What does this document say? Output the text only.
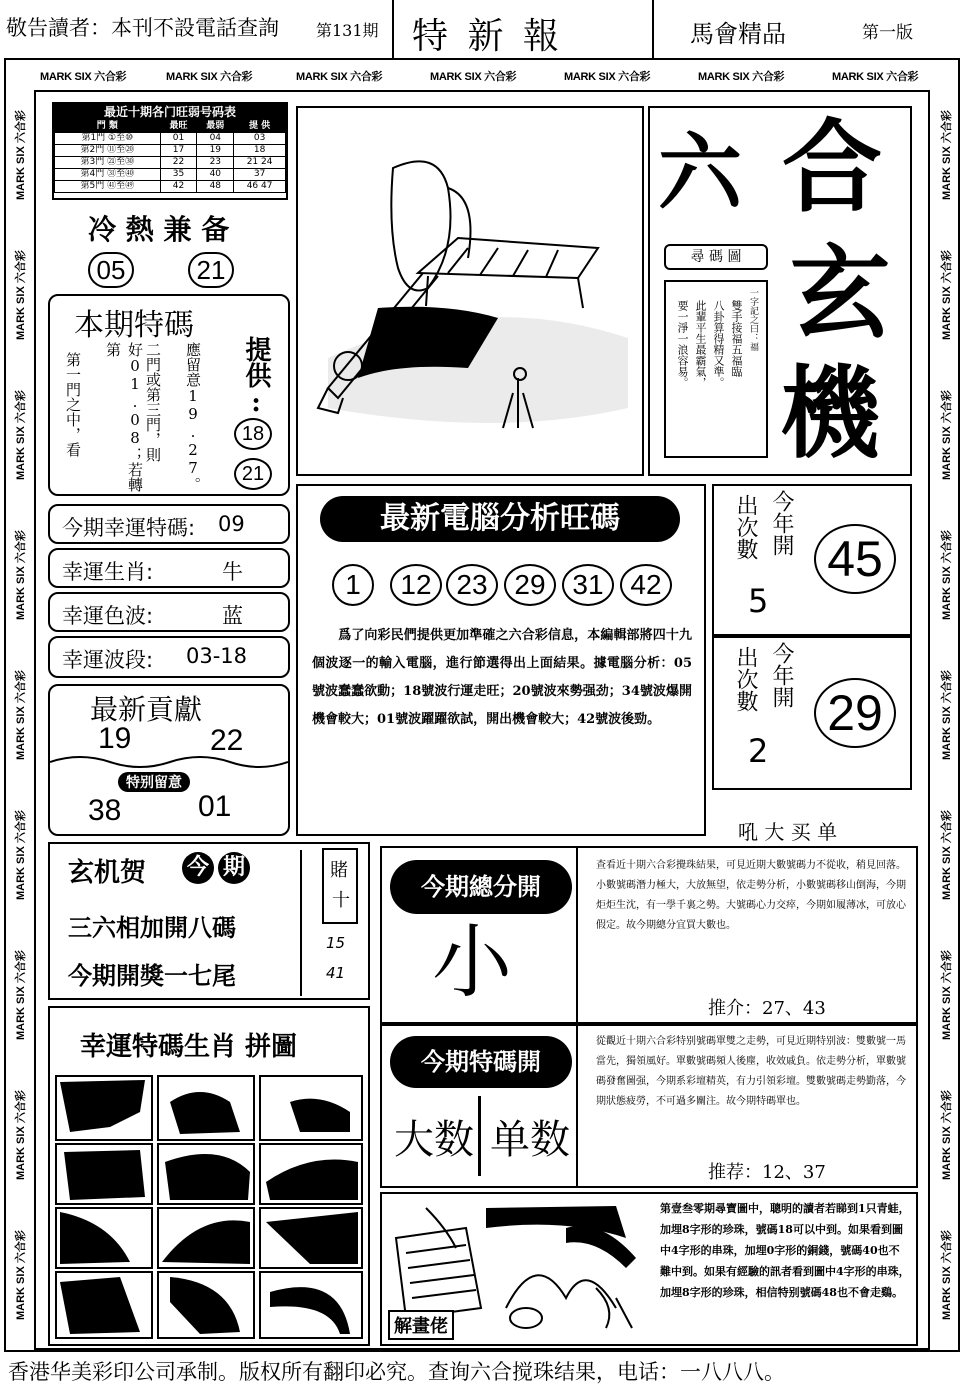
敬告讀者：本刊不設電話查詢 第131期 特 新 報	馬會精品	第一版
MARK SIX 六合彩	MARK SIX 六合彩	MARK SIX 六合彩	MARK SIX 六合彩	MARK SIX 六合彩	MARK SIX 六合彩	MARK SIX 六合彩
MARK SIX 六合彩
MARK SIX 六合彩
MARK SIX 六合彩
MARK SIX 六合彩
MARK SIX 六合彩
MARK SIX 六合彩
MARK SIX 六合彩
MARK SIX 六合彩
MARK SIX 六合彩
MARK SIX 六合彩
MARK SIX 六合彩
MARK SIX 六合彩
MARK SIX 六合彩
MARK SIX 六合彩
MARK SIX 六合彩
MARK SIX 六合彩
MARK SIX 六合彩
MARK SIX 六合彩
最近十期各门旺弱号码表
門 類	最旺	最弱	提 供
第1門 ①至⑩	01	04	03
第2門 ⑪至⑳	17	19	18
第3門 ㉑至㉚	22	23	21 24
第4門 ㉛至㊵	35	40	37
第5門 ㊶至㊾	42	48	46 47
冷 熱 兼 备
05	21
本期特碼
第一門之中，看	好01.08；若轉第	二門或第三門，則 應留意19.27。 提供:
18
21
今期幸運特碼: 09
幸運生肖:	牛
幸運色波:	蓝
幸運波段: 03-18
最新貢獻
19	22
特别留意
38	01
玄机贺 今 期
三六相加開八碼
今期開獎一七尾
賭
十
15
41
幸運特碼生肖 拼圖
六 合
玄
機
尋 碼 圖
一字記之曰：福
雙手接福五福臨
八卦算得精又準。
此輩平生最霸氣，
要一淨一浪容易。
最新電腦分析旺碼
1	12 23 29 31 42
　　爲了向彩民們提供更加準確之六合彩信息，本編輯部將四十九個波逐一的輸入電腦，進行節選得出上面結果。據電腦分析：05號波蠢蠢欲動；18號波行運走旺；20號波來勢强劲；34號波爆開機會較大；01號波躍躍欲試，開出機會較大；42號波後勁。
出次數 今年開
5
45
出次數 今年開
2
29
吼 大 买 单
今期總分開
小
查看近十期六合彩攪珠結果，可見近期大數號碼力不從收，稍見回落。小數號碼潛力極大，大放無望，依走勢分析，小數號碼移山倒海，今期炬炬生沈，有一學千裏之勢。大號碼心力交瘁，今期如履薄冰，可放心假定。故今期總分宜買大數也。
推介：27、43
今期特碼開
大数 单数
從觀近十期六合彩特别號碼單雙之走勢，可見近期特别波：雙數號一馬當先，獨領風好。單數號碼頻人後塵，收效戚負。依走勢分析，單數號碼發奮圖强，今期系彩壇精英，有力引領彩壇。雙數號碼走勢勤落，今期狀態疲勞，不可過多關注。故今期特碼單也。
推荐：12、37
解畫佬
第壹叁零期尋寶圖中，聰明的讀者若睇到1只青蛙，加埋8字形的珍珠，號碼18可以中到。如果看到圖中4字形的串珠，加埋0字形的銅錢，號碼40也不難中到。如果有經驗的訊者看到圖中4字形的串珠，加埋8字形的珍珠，相信特别號碼48也不會走鷄。
香港华美彩印公司承制。版权所有翻印必究。查询六合搅珠结果，电话：一八八八。
